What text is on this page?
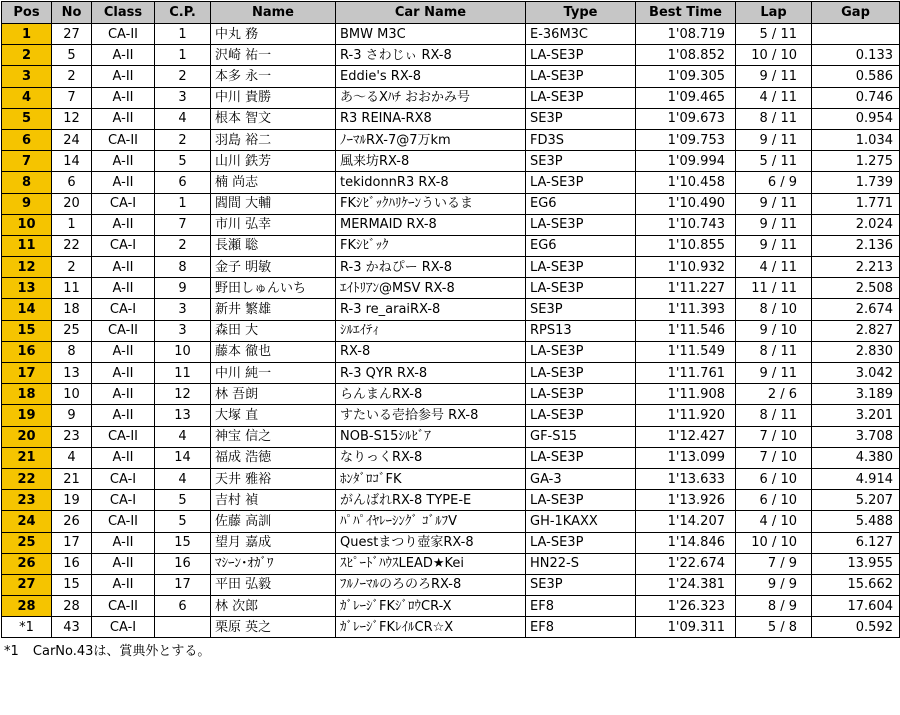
Pos	No	Class	C.P.	Name	Car Name	Type	Best Time	Lap	Gap
1	27	CA-II	1	中丸 務	BMW M3C	E-36M3C	1'08.719	5 / 11	
2	5	A-II	1	沢崎 祐一	R-3 さわじぃ RX-8	LA-SE3P	1'08.852	10 / 10	0.133
3	2	A-II	2	本多 永一	Eddie's RX-8	LA-SE3P	1'09.305	9 / 11	0.586
4	7	A-II	3	中川 貴勝	あ～るXﾊﾁ おおかみ号	LA-SE3P	1'09.465	4 / 11	0.746
5	12	A-II	4	根本 智文	R3 REINA-RX8	SE3P	1'09.673	8 / 11	0.954
6	24	CA-II	2	羽島 裕二	ﾉｰﾏﾙRX-7@7万km	FD3S	1'09.753	9 / 11	1.034
7	14	A-II	5	山川 鉄芳	風来坊RX-8	SE3P	1'09.994	5 / 11	1.275
8	6	A-II	6	楠 尚志	tekidonnR3 RX-8	LA-SE3P	1'10.458	6 / 9	1.739
9	20	CA-I	1	閻間 大輔	FKｼﾋﾞｯｸﾊﾘｹｰﾝういるま	EG6	1'10.490	9 / 11	1.771
10	1	A-II	7	市川 弘幸	MERMAID RX-8	LA-SE3P	1'10.743	9 / 11	2.024
11	22	CA-I	2	長瀬 聡	FKｼﾋﾞｯｸ	EG6	1'10.855	9 / 11	2.136
12	2	A-II	8	金子 明敏	R-3 かねぴー RX-8	LA-SE3P	1'10.932	4 / 11	2.213
13	11	A-II	9	野田しゅんいち	ｴｲﾄﾘｱﾝ@MSV RX-8	LA-SE3P	1'11.227	11 / 11	2.508
14	18	CA-I	3	新井 繁雄	R-3 re_araiRX-8	SE3P	1'11.393	8 / 10	2.674
15	25	CA-II	3	森田 大	ｼﾙｴｲﾃｨ	RPS13	1'11.546	9 / 10	2.827
16	8	A-II	10	藤本 徹也	RX-8	LA-SE3P	1'11.549	8 / 11	2.830
17	13	A-II	11	中川 純一	R-3 QYR RX-8	LA-SE3P	1'11.761	9 / 11	3.042
18	10	A-II	12	林 吾朗	らんまんRX-8	LA-SE3P	1'11.908	2 / 6	3.189
19	9	A-II	13	大塚 直	すたいる壱拾参号 RX-8	LA-SE3P	1'11.920	8 / 11	3.201
20	23	CA-II	4	神宝 信之	NOB-S15ｼﾙﾋﾞｱ	GF-S15	1'12.427	7 / 10	3.708
21	4	A-II	14	福成 浩徳	なりっくRX-8	LA-SE3P	1'13.099	7 / 10	4.380
22	21	CA-I	4	天井 雅裕	ﾎﾝﾀﾞﾛｺﾞFK	GA-3	1'13.633	6 / 10	4.914
23	19	CA-I	5	吉村 禎	がんばれRX-8 TYPE-E	LA-SE3P	1'13.926	6 / 10	5.207
24	26	CA-II	5	佐藤 高訓	ﾊﾟﾊﾟｲﾔﾚｰｼﾝｸﾞ ｺﾞﾙﾌV	GH-1KAXX	1'14.207	4 / 10	5.488
25	17	A-II	15	望月 嘉成	Questまつり壺家RX-8	LA-SE3P	1'14.846	10 / 10	6.127
26	16	A-II	16	ﾏｼｰﾝ･ｵｶﾞﾜ	ｽﾋﾟｰﾄﾞﾊｳｽLEAD★Kei	HN22-S	1'22.674	7 / 9	13.955
27	15	A-II	17	平田 弘毅	ﾌﾙﾉｰﾏﾙのろのろRX-8	SE3P	1'24.381	9 / 9	15.662
28	28	CA-II	6	林 次郎	ｶﾞﾚｰｼﾞFKｼﾞﾛｳCR-X	EF8	1'26.323	8 / 9	17.604
*1	43	CA-I		栗原 英之	ｶﾞﾚｰｼﾞFKﾚｲﾙCR☆X	EF8	1'09.311	5 / 8	0.592
*1 CarNo.43は、賞典外とする。
